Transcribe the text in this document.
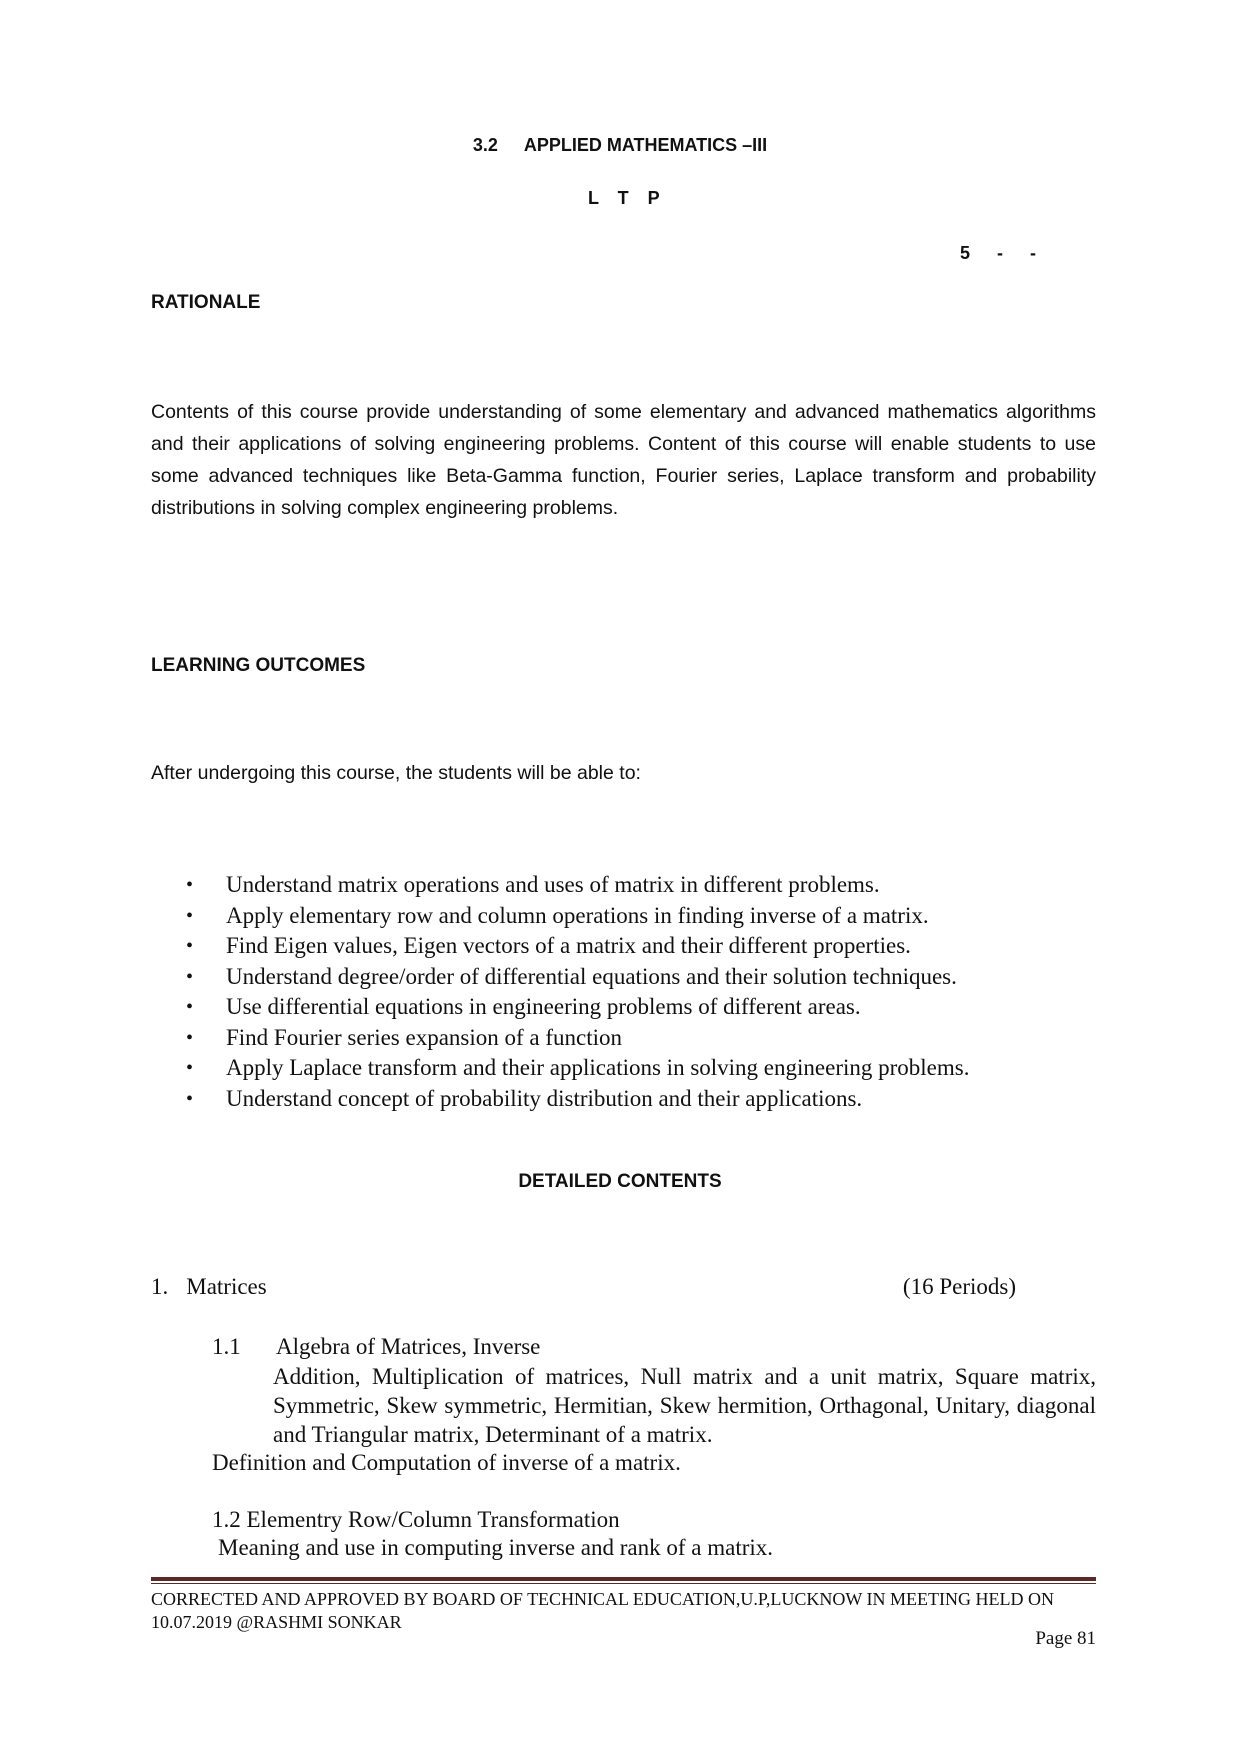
3.2 APPLIED MATHEMATICS –III
L T P
5 - -
RATIONALE
Contents of this course provide understanding of some elementary and advanced mathematics algorithms and their applications of solving engineering problems. Content of this course will enable students to use some advanced techniques like Beta-Gamma function, Fourier series, Laplace transform and probability distributions in solving complex engineering problems.
LEARNING OUTCOMES
After undergoing this course, the students will be able to:
• Understand matrix operations and uses of matrix in different problems.
• Apply elementary row and column operations in finding inverse of a matrix.
• Find Eigen values, Eigen vectors of a matrix and their different properties.
• Understand degree/order of differential equations and their solution techniques.
• Use differential equations in engineering problems of different areas.
• Find Fourier series expansion of a function
• Apply Laplace transform and their applications in solving engineering problems.
• Understand concept of probability distribution and their applications.
DETAILED CONTENTS
1. Matrices	(16 Periods)
1.1 Algebra of Matrices, Inverse
Addition, Multiplication of matrices, Null matrix and a unit matrix, Square matrix, Symmetric, Skew symmetric, Hermitian, Skew hermition, Orthagonal, Unitary, diagonal and Triangular matrix, Determinant of a matrix.
Definition and Computation of inverse of a matrix.
1.2 Elementry Row/Column Transformation
Meaning and use in computing inverse and rank of a matrix.
CORRECTED AND APPROVED BY BOARD OF TECHNICAL EDUCATION,U.P,LUCKNOW IN MEETING HELD ON 10.07.2019 @RASHMI SONKAR
Page 81
